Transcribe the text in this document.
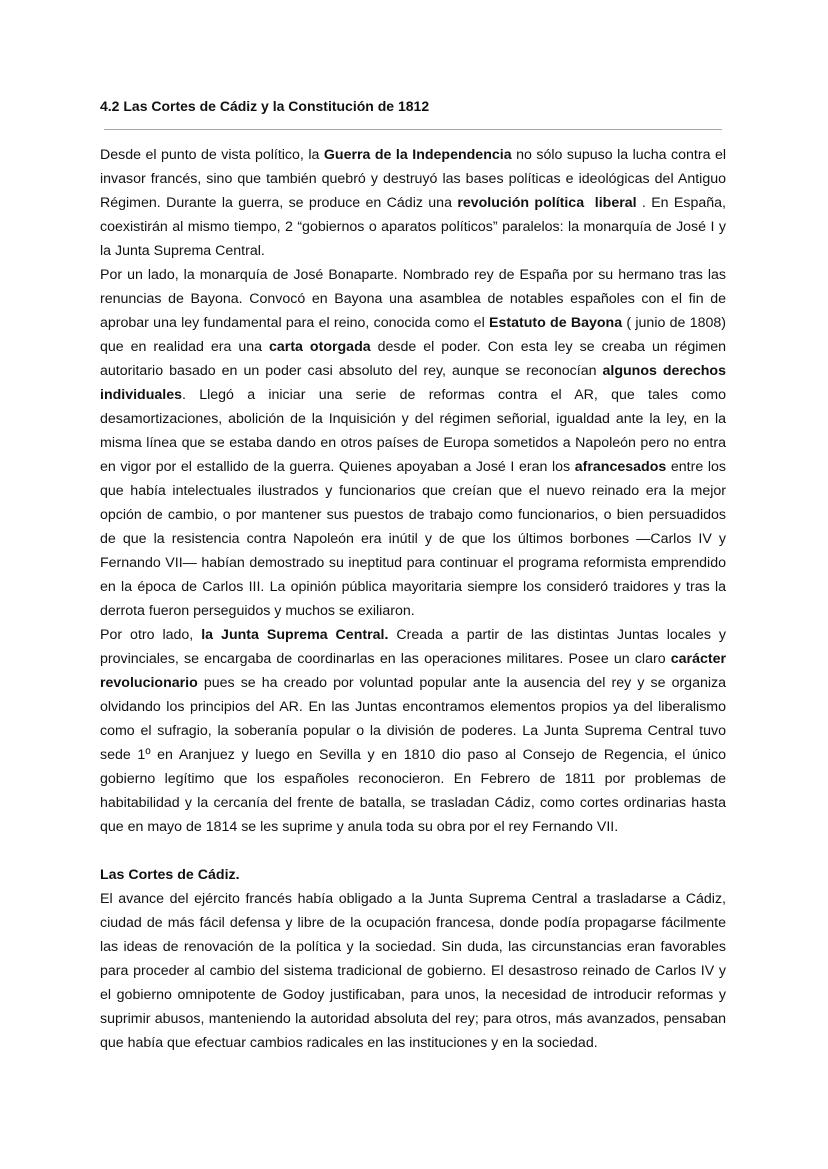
4.2 Las Cortes de Cádiz y la Constitución de 1812

Desde el punto de vista político, la Guerra de la Independencia no sólo supuso la lucha contra el invasor francés, sino que también quebró y destruyó las bases políticas e ideológicas del Antiguo Régimen. Durante la guerra, se produce en Cádiz una revolución política  liberal . En España, coexistirán al mismo tiempo, 2 “gobiernos o aparatos políticos” paralelos: la monarquía de José I y la Junta Suprema Central.

Por un lado, la monarquía de José Bonaparte. Nombrado rey de España por su hermano tras las renuncias de Bayona. Convocó en Bayona una asamblea de notables españoles con el fin de aprobar una ley fundamental para el reino, conocida como el Estatuto de Bayona ( junio de 1808) que en realidad era una carta otorgada desde el poder. Con esta ley se creaba un régimen autoritario basado en un poder casi absoluto del rey, aunque se reconocían algunos derechos individuales. Llegó a iniciar una serie de reformas contra el AR, que tales como desamortizaciones, abolición de la Inquisición y del régimen señorial, igualdad ante la ley, en la misma línea que se estaba dando en otros países de Europa sometidos a Napoleón pero no entra en vigor por el estallido de la guerra. Quienes apoyaban a José I eran los afrancesados entre los que había intelectuales ilustrados y funcionarios que creían que el nuevo reinado era la mejor opción de cambio, o por mantener sus puestos de trabajo como funcionarios, o bien persuadidos de que la resistencia contra Napoleón era inútil y de que los últimos borbones —Carlos IV y Fernando VII— habían demostrado su ineptitud para continuar el programa reformista emprendido en la época de Carlos III. La opinión pública mayoritaria siempre los consideró traidores y tras la derrota fueron perseguidos y muchos se exiliaron.

Por otro lado, la Junta Suprema Central. Creada a partir de las distintas Juntas locales y provinciales, se encargaba de coordinarlas en las operaciones militares. Posee un claro carácter revolucionario pues se ha creado por voluntad popular ante la ausencia del rey y se organiza olvidando los principios del AR. En las Juntas encontramos elementos propios ya del liberalismo como el sufragio, la soberanía popular o la división de poderes. La Junta Suprema Central tuvo sede 1º en Aranjuez y luego en Sevilla y en 1810 dio paso al Consejo de Regencia, el único gobierno legítimo que los españoles reconocieron. En Febrero de 1811 por problemas de habitabilidad y la cercanía del frente de batalla, se trasladan Cádiz, como cortes ordinarias hasta que en mayo de 1814 se les suprime y anula toda su obra por el rey Fernando VII.

Las Cortes de Cádiz.

El avance del ejército francés había obligado a la Junta Suprema Central a trasladarse a Cádiz, ciudad de más fácil defensa y libre de la ocupación francesa, donde podía propagarse fácilmente las ideas de renovación de la política y la sociedad. Sin duda, las circunstancias eran favorables para proceder al cambio del sistema tradicional de gobierno. El desastroso reinado de Carlos IV y el gobierno omnipotente de Godoy justificaban, para unos, la necesidad de introducir reformas y suprimir abusos, manteniendo la autoridad absoluta del rey; para otros, más avanzados, pensaban que había que efectuar cambios radicales en las instituciones y en la sociedad.
